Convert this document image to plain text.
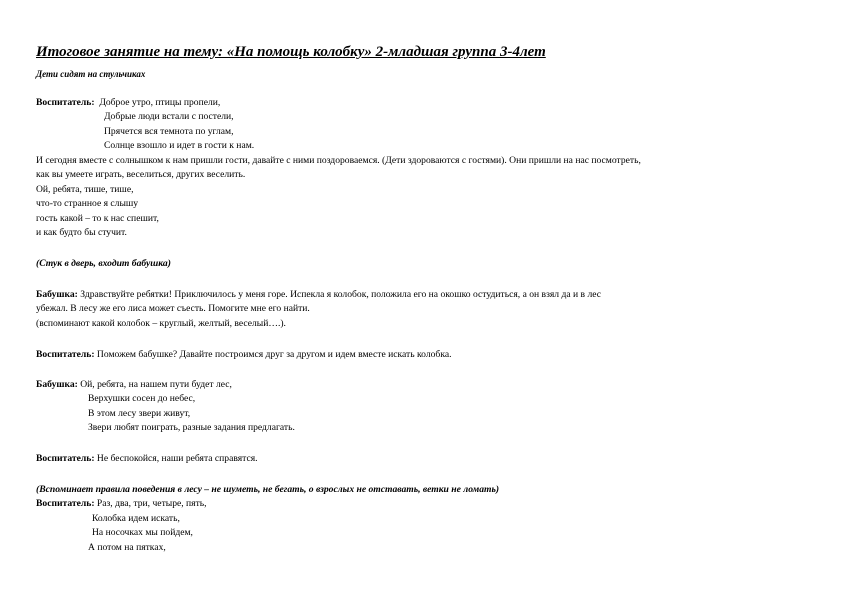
Итоговое занятие на тему: «На помощь колобку» 2-младшая группа 3-4лет
Дети сидят на стульчиках
Воспитатель: Доброе утро, птицы пропели,
Добрые люди встали с постели,
Прячется вся темнота по углам,
Солнце взошло и идет в гости к нам.
И сегодня вместе с солнышком к нам пришли гости, давайте с ними поздороваемся. (Дети здороваются с гостями). Они пришли на нас посмотреть,
как вы умеете играть, веселиться, других веселить.
Ой, ребята, тише, тише,
что-то странное я слышу
гость какой – то к нас спешит,
и как будто бы стучит.
(Стук в дверь, входит бабушка)
Бабушка: Здравствуйте ребятки! Приключилось у меня горе. Испекла я колобок, положила его на окошко остудиться, а он взял да и в лес
убежал. В лесу же его лиса может съесть. Помогите мне его найти.
(вспоминают какой колобок – круглый, желтый, веселый….).
Воспитатель: Поможем бабушке? Давайте построимся друг за другом и идем вместе искать колобка.
Бабушка: Ой, ребята, на нашем пути будет лес,
Верхушки сосен до небес,
В этом лесу звери живут,
Звери любят поиграть, разные задания предлагать.
Воспитатель: Не беспокойся, наши ребята справятся.
(Вспоминает правила поведения в лесу – не шуметь, не бегать, о взрослых не отставать, ветки не ломать)
Воспитатель: Раз, два, три, четыре, пять,
Колобка идем искать,
На носочках мы пойдем,
А потом на пятках,
